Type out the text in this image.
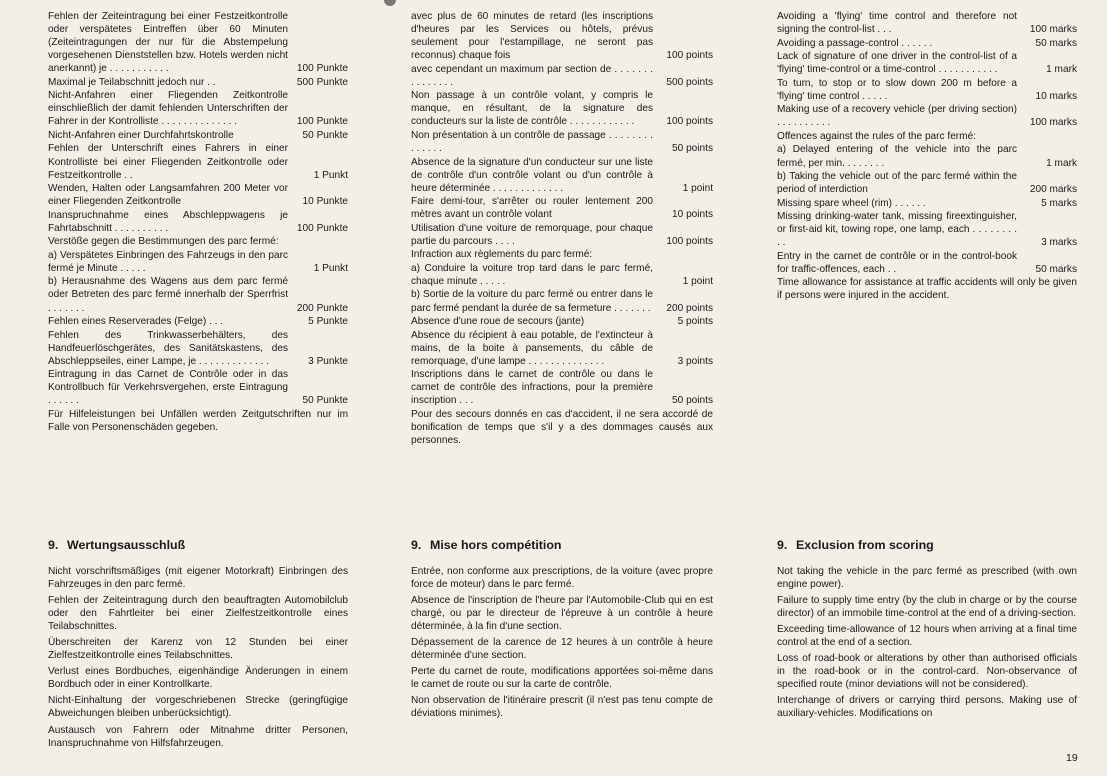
Fehlen der Zeiteintragung bei einer Festzeitkontrolle oder verspätetes Eintreffen über 60 Minuten (Zeiteintragungen der nur für die Abstempelung vorgesehenen Dienststellen bzw. Hotels werden nicht anerkannt) je . . . . . . . . . . .	100 Punkte
Maximal je Teilabschnitt jedoch nur . .	500 Punkte
Nicht-Anfahren einer Fliegenden Zeitkontrolle einschließlich der damit fehlenden Unterschriften der Fahrer in der Kontrolliste . . . . . . . . . . . . . .	100 Punkte
Nicht-Anfahren einer Durchfahrtskontrolle	50 Punkte
Fehlen der Unterschrift eines Fahrers in einer Kontrolliste bei einer Fliegenden Zeitkontrolle oder Festzeitkontrolle . .	1 Punkt
Wenden, Halten oder Langsamfahren 200 Meter vor einer Fliegenden Zeitkontrolle	10 Punkte
Inanspruchnahme eines Abschleppwagens je Fahrtabschnitt . . . . . . . . . .	100 Punkte
Verstöße gegen die Bestimmungen des parc fermé:
a) Verspätetes Einbringen des Fahrzeugs in den parc fermé je Minute . . . . .	1 Punkt
b) Herausnahme des Wagens aus dem parc fermé oder Betreten des parc fermé innerhalb der Sperrfrist . . . . . . .	200 Punkte
Fehlen eines Reserverades (Felge) . . .	5 Punkte
Fehlen des Trinkwasserbehälters, des Handfeuerlöschgerätes, des Sanitätskastens, des Abschleppseiles, einer Lampe, je . . . . . . . . . . . . .	3 Punkte
Eintragung in das Carnet de Contrôle oder in das Kontrollbuch für Verkehrsvergehen, erste Eintragung . . . . . .	50 Punkte
Für Hilfeleistungen bei Unfällen werden Zeitgutschriften nur im Falle von Personenschäden gegeben.
9. Wertungsausschluß
Nicht vorschriftsmäßiges (mit eigener Motorkraft) Einbringen des Fahrzeuges in den parc fermé.
Fehlen der Zeiteintragung durch den beauftragten Automobilclub oder den Fahrtleiter bei einer Zielfestzeitkontrolle eines Teilabschnittes.
Überschreiten der Karenz von 12 Stunden bei einer Zielfestzeitkontrolle eines Teilabschnittes.
Verlust eines Bordbuches, eigenhändige Änderungen in einem Bordbuch oder in einer Kontrollkarte.
Nicht-Einhaltung der vorgeschriebenen Strecke (geringfügige Abweichungen bleiben unberücksichtigt).
Austausch von Fahrern oder Mitnahme dritter Personen, Inanspruchnahme von Hilfsfahrzeugen.
avec plus de 60 minutes de retard (les inscriptions d'heures par les Services ou hôtels, prévus seulement pour l'estampillage, ne seront pas reconnus) chaque fois	100 points
avec cependant un maximum par section de . . . . . . . . . . . . . . .	500 points
Non passage à un contrôle volant, y compris le manque, en résultant, de la signature des conducteurs sur la liste de contrôle . . . . . . . . . . . .	100 points
Non présentation à un contrôle de passage . . . . . . . . . . . . . .	50 points
Absence de la signature d'un conducteur sur une liste de contrôle d'un contrôle volant ou d'un contrôle à heure déterminée . . . . . . . . . . . . .	1 point
Faire demi-tour, s'arrêter ou rouler lentement 200 mètres avant un contrôle volant	10 points
Utilisation d'une voiture de remorquage, pour chaque partie du parcours . . . .	100 points
Infraction aux règlements du parc fermé:
a) Conduire la voiture trop tard dans le parc fermé, chaque minute . . . . .	1 point
b) Sortie de la voiture du parc fermé ou entrer dans le parc fermé pendant la durée de sa fermeture . . . . . . .	200 points
Absence d'une roue de secours (jante)	5 points
Absence du récipient à eau potable, de l'extincteur à mains, de la boite à pansements, du câble de remorquage, d'une lampe . . . . . . . . . . . . . .	3 points
Inscriptions dans le carnet de contrôle ou dans le carnet de contrôle des infractions, pour la première inscription . . .	50 points
Pour des secours donnés en cas d'accident, il ne sera accordé de bonification de temps que s'il y a des dommages causés aux personnes.
9. Mise hors compétition
Entrée, non conforme aux prescriptions, de la voiture (avec propre force de moteur) dans le parc fermé.
Absence de l'inscription de l'heure par l'Automobile-Club qui en est chargé, ou par le directeur de l'épreuve à un contrôle à heure déterminée, à la fin d'une section.
Dépassement de la carence de 12 heures à un contrôle à heure déterminée d'une section.
Perte du carnet de route, modifications apportées soi-même dans le carnet de route ou sur la carte de contrôle.
Non observation de l'itinéraire prescrit (il n'est pas tenu compte de déviations minimes).
Avoiding a 'flying' time control and therefore not signing the control-list . . .	100 marks
Avoiding a passage-control . . . . . .	50 marks
Lack of signature of one driver in the control-list of a 'flying' time-control or a time-control . . . . . . . . . . .	1 mark
To turn, to stop or to slow down 200 m before a 'flying' time control . . . . .	10 marks
Making use of a recovery vehicle (per driving section) . . . . . . . . . .	100 marks
Offences against the rules of the parc fermé:
a) Delayed entering of the vehicle into the parc fermé, per min. . . . . . . .	1 mark
b) Taking the vehicle out of the parc fermé within the period of interdiction	200 marks
Missing spare wheel (rim) . . . . . .	5 marks
Missing drinking-water tank, missing fireextinguisher, or first-aid kit, towing rope, one lamp, each . . . . . . . . . .	3 marks
Entry in the carnet de contrôle or in the control-book for traffic-offences, each . .	50 marks
Time allowance for assistance at traffic accidents will only be given if persons were injured in the accident.
9. Exclusion from scoring
Not taking the vehicle in the parc fermé as prescribed (with own engine power).
Failure to supply time entry (by the club in charge or by the course director) of an immobile time-control at the end of a driving-section.
Exceeding time-allowance of 12 hours when arriving at a final time control at the end of a section.
Loss of road-book or alterations by other than authorised officials in the road-book or in the control-card. Non-observance of specified route (minor deviations will not be considered).
Interchange of drivers or carrying third persons. Making use of auxiliary-vehicles. Modifications on
19
